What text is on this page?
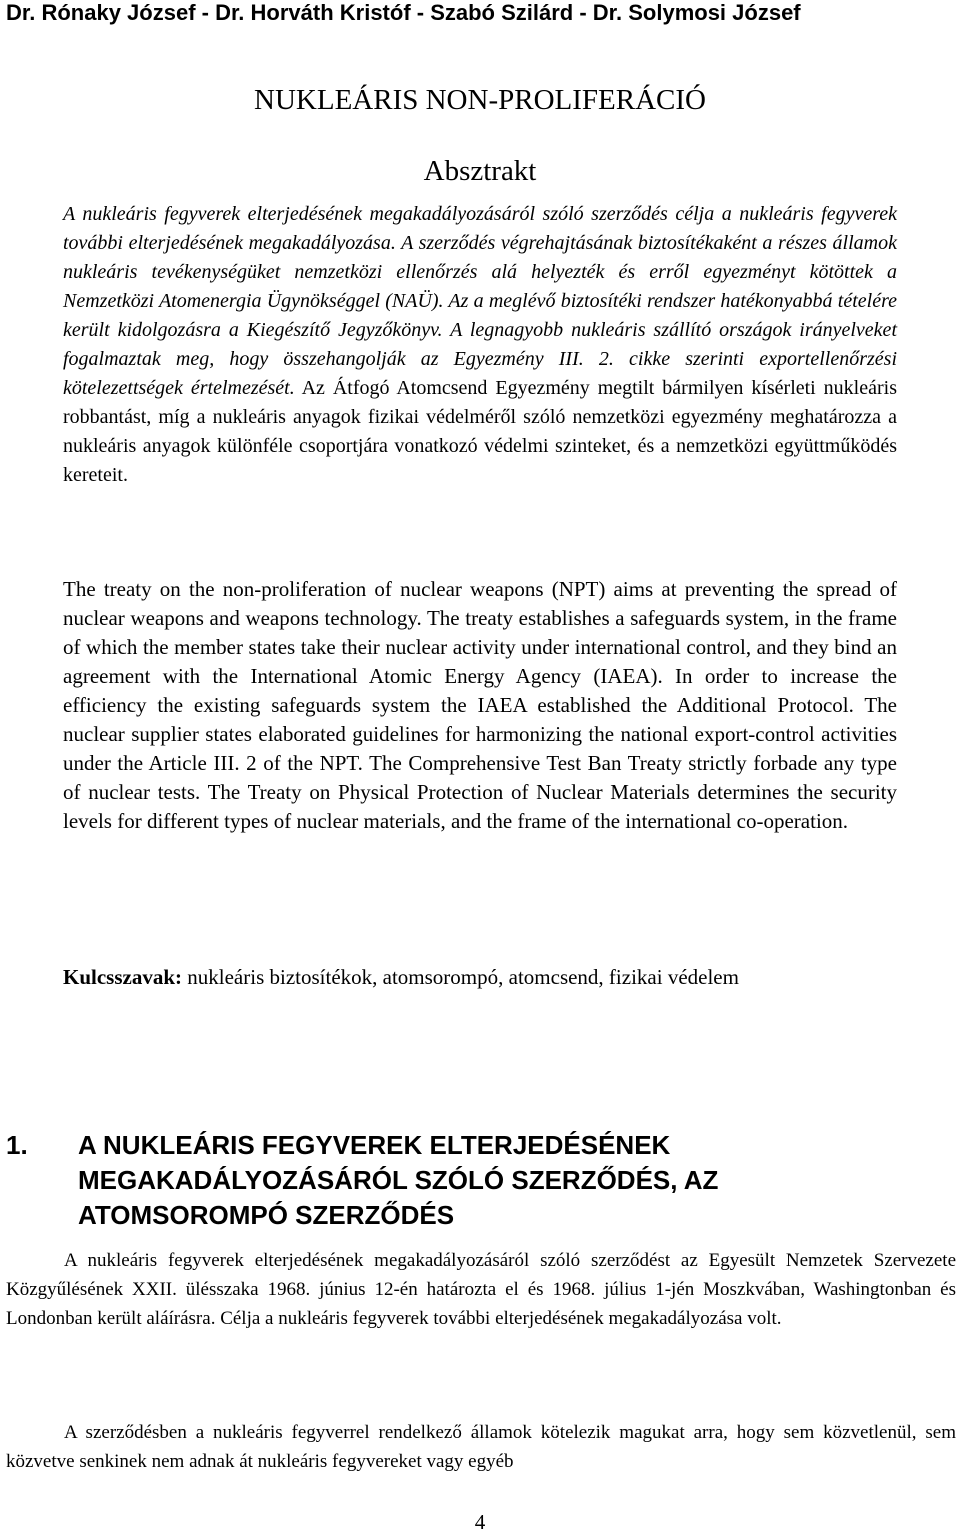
Dr. Rónaky József - Dr. Horváth Kristóf - Szabó Szilárd - Dr. Solymosi József
NUKLEÁRIS NON-PROLIFERÁCIÓ
Absztrakt

A nukleáris fegyverek elterjedésének megakadályozásáról szóló szerződés célja a nukleáris fegyverek további elterjedésének megakadályozása. A szerződés végrehajtásának biztosítékaként a részes államok nukleáris tevékenységüket nemzetközi ellenőrzés alá helyezték és erről egyezményt kötöttek a Nemzetközi Atomenergia Ügynökséggel (NAÜ). Az a meglévő biztosítéki rendszer hatékonyabbá tételére került kidolgozásra a Kiegészítő Jegyzőkönyv. A legnagyobb nukleáris szállító országok irányelveket fogalmaztak meg, hogy összehangolják az Egyezmény III. 2. cikke szerinti exportellenőrzési kötelezettségek értelmezését. Az Átfogó Atomcsend Egyezmény megtilt bármilyen kísérleti nukleáris robbantást, míg a nukleáris anyagok fizikai védelméről szóló nemzetközi egyezmény meghatározza a nukleáris anyagok különféle csoportjára vonatkozó védelmi szinteket, és a nemzetközi együttműködés kereteit.

The treaty on the non-proliferation of nuclear weapons (NPT) aims at preventing the spread of nuclear weapons and weapons technology. The treaty establishes a safeguards system, in the frame of which the member states take their nuclear activity under international control, and they bind an agreement with the International Atomic Energy Agency (IAEA). In order to increase the efficiency the existing safeguards system the IAEA established the Additional Protocol. The nuclear supplier states elaborated guidelines for harmonizing the national export-control activities under the Article III. 2 of the NPT. The Comprehensive Test Ban Treaty strictly forbade any type of nuclear tests. The Treaty on Physical Protection of Nuclear Materials determines the security levels for different types of nuclear materials, and the frame of the international co-operation.

Kulcsszavak: nukleáris biztosítékok, atomsorompó, atomcsend, fizikai védelem

1. A NUKLEÁRIS FEGYVEREK ELTERJEDÉSÉNEK MEGAKADÁLYOZÁSÁRÓL SZÓLÓ SZERZŐDÉS, AZ ATOMSOROMPÓ SZERZŐDÉS

A nukleáris fegyverek elterjedésének megakadályozásáról szóló szerződést az Egyesült Nemzetek Szervezete Közgyűlésének XXII. ülésszaka 1968. június 12-én határozta el és 1968. július 1-jén Moszkvában, Washingtonban és Londonban került aláírásra. Célja a nukleáris fegyverek további elterjedésének megakadályozása volt.

A szerződésben a nukleáris fegyverrel rendelkező államok kötelezik magukat arra, hogy sem közvetlenül, sem közvetve senkinek nem adnak át nukleáris fegyvereket vagy egyéb

4
